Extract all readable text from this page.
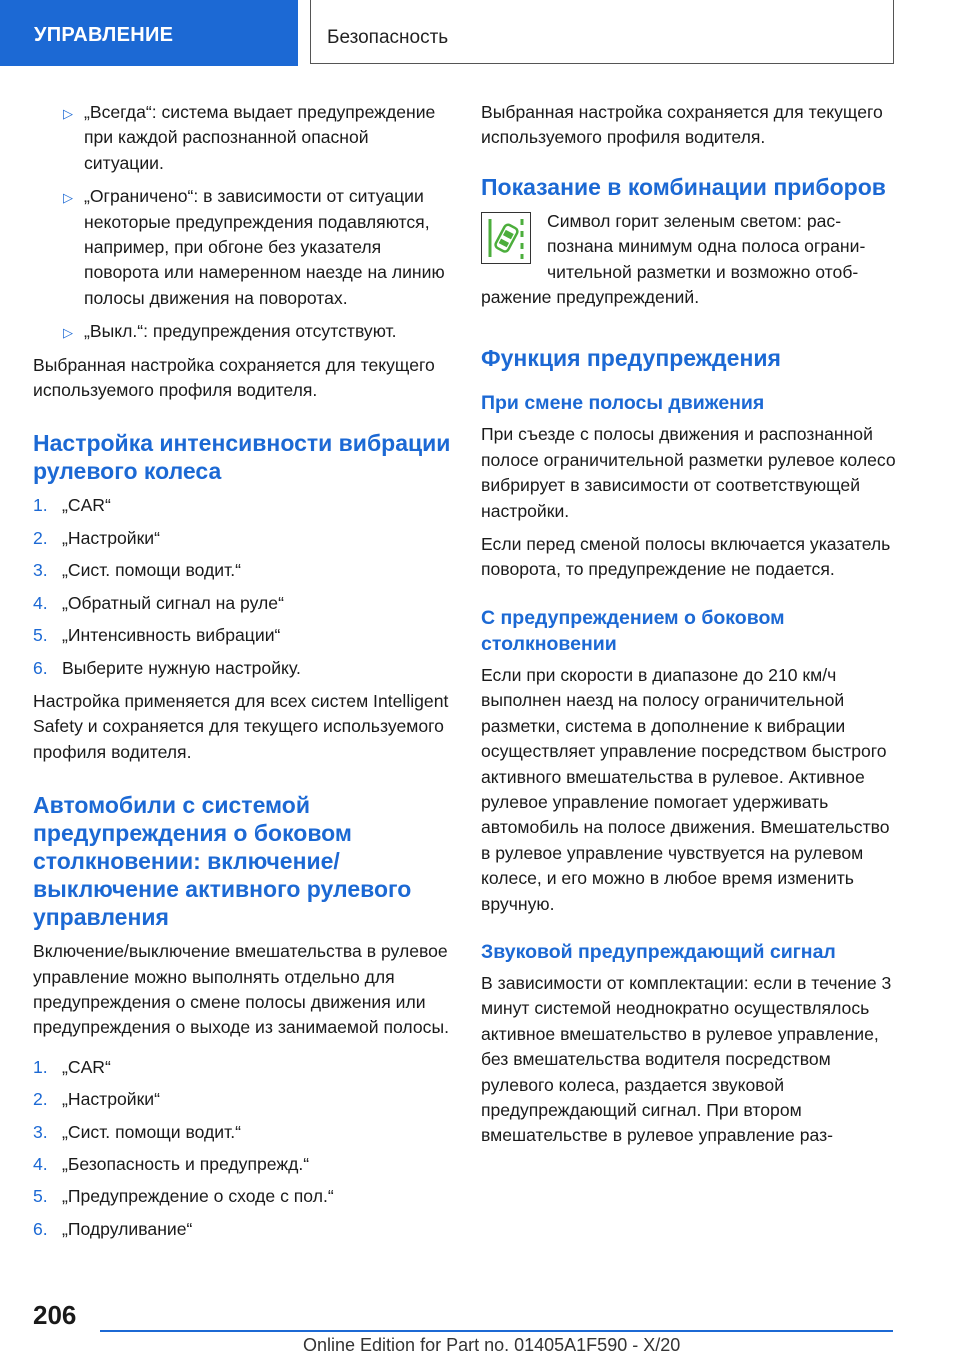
УПРАВЛЕНИЕ	Безопасность
▷ „Всегда“: система выдает предупреждение при каждой распознанной опасной ситуации.
▷ „Ограничено“: в зависимости от ситуации некоторые предупреждения подавляются, например, при обгоне без указателя поворота или намеренном наезде на линию полосы движения на поворотах.
▷ „Выкл.“: предупреждения отсутствуют.

Выбранная настройка сохраняется для текущего используемого профиля водителя.

Настройка интенсивности вибрации рулевого колеса
1. „CAR“
2. „Настройки“
3. „Сист. помощи водит.“
4. „Обратный сигнал на руле“
5. „Интенсивность вибрации“
6. Выберите нужную настройку.

Настройка применяется для всех систем Intelligent Safety и сохраняется для текущего используемого профиля водителя.

Автомобили с системой предупреждения о боковом столкновении: включение/ выключение активного рулевого управления

Включение/выключение вмешательства в рулевое управление можно выполнять отдельно для предупреждения о смене полосы движения или предупреждения о выходе из занимаемой полосы.

1. „CAR“
2. „Настройки“
3. „Сист. помощи водит.“
4. „Безопасность и предупрежд.“
5. „Предупреждение о сходе с пол.“
6. „Подруливание“

Выбранная настройка сохраняется для текущего используемого профиля водителя.

Показание в комбинации приборов

Символ горит зеленым светом: распознана минимум одна полоса ограничительной разметки и возможно отображение предупреждений.

Функция предупреждения
При смене полосы движения

При съезде с полосы движения и распознанной полосе ограничительной разметки рулевое колесо вибрирует в зависимости от соответствующей настройки.

Если перед сменой полосы включается указатель поворота, то предупреждение не подается.

С предупреждением о боковом столкновении

Если при скорости в диапазоне до 210 км/ч выполнен наезд на полосу ограничительной разметки, система в дополнение к вибрации осуществляет управление посредством быстрого активного вмешательства в рулевое. Активное рулевое управление помогает удерживать автомобиль на полосе движения. Вмешательство в рулевое управление чувствуется на рулевом колесе, и его можно в любое время изменить вручную.

Звуковой предупреждающий сигнал

В зависимости от комплектации: если в течение 3 минут системой неоднократно осуществлялось активное вмешательство в рулевое управление, без вмешательства водителя посредством рулевого колеса, раздается звуковой предупреждающий сигнал. При втором вмешательстве в рулевое управление раз-

206
Online Edition for Part no. 01405A1F590 - X/20
